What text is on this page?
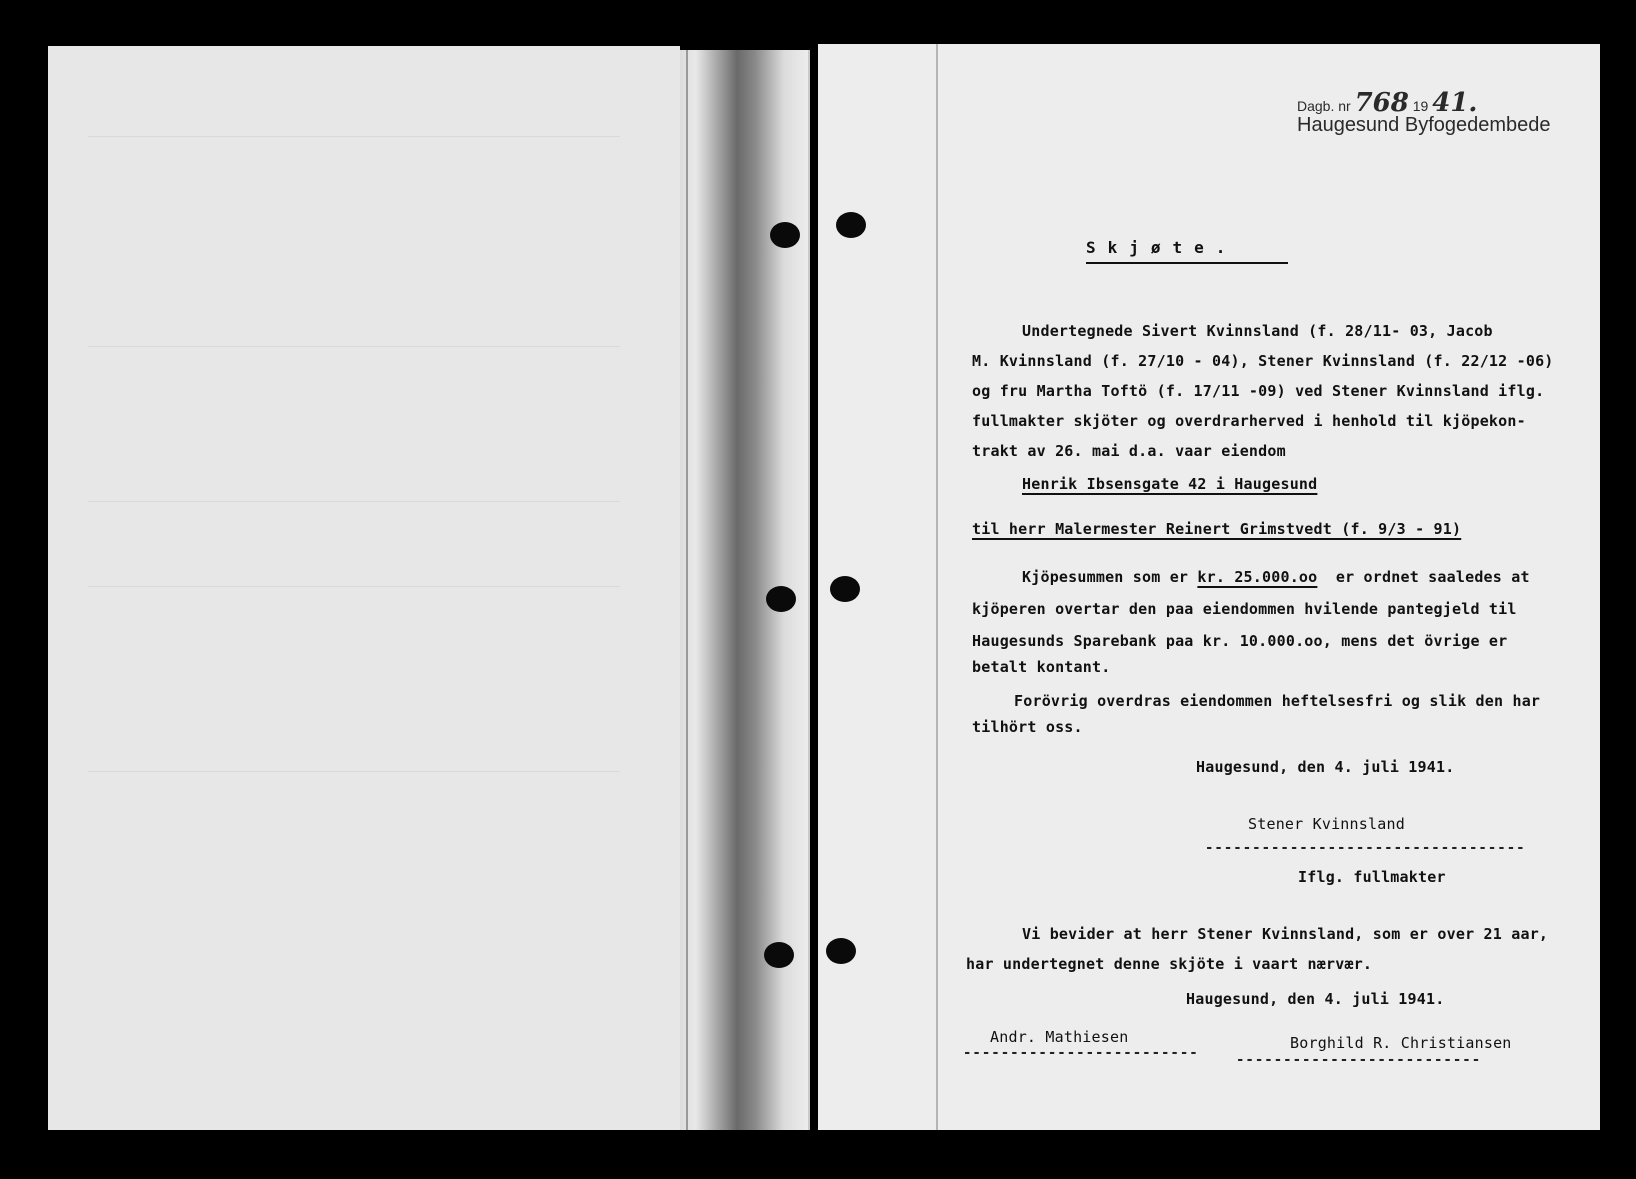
Dagb. nr 768 19 41.
Haugesund Byfogedembede
Skjøte.
Undertegnede Sivert Kvinnsland (f. 28/11- 03, Jacob
M. Kvinnsland (f. 27/10 - 04), Stener Kvinnsland (f. 22/12 -06)
og fru Martha Toftö (f. 17/11 -09) ved Stener Kvinnsland iflg.
fullmakter skjöter og overdrarherved i henhold til kjöpekon-
trakt av 26. mai d.a. vaar eiendom
Henrik Ibsensgate 42 i Haugesund
til herr Malermester Reinert Grimstvedt (f. 9/3 - 91)
Kjöpesummen som er kr. 25.000.oo er ordnet saaledes at
kjöperen overtar den paa eiendommen hvilende pantegjeld til
Haugesunds Sparebank paa kr. 10.000.oo, mens det övrige er
betalt kontant.
Forövrig overdras eiendommen heftelsesfri og slik den har
tilhört oss.
Haugesund, den 4. juli 1941.
Stener Kvinnsland
----------------------------------
Iflg. fullmakter
Vi bevider at herr Stener Kvinnsland, som er over 21 aar,
har undertegnet denne skjöte i vaart nærvær.
Haugesund, den 4. juli 1941.
Andr. Mathiesen
-------------------------
Borghild R. Christiansen
--------------------------
